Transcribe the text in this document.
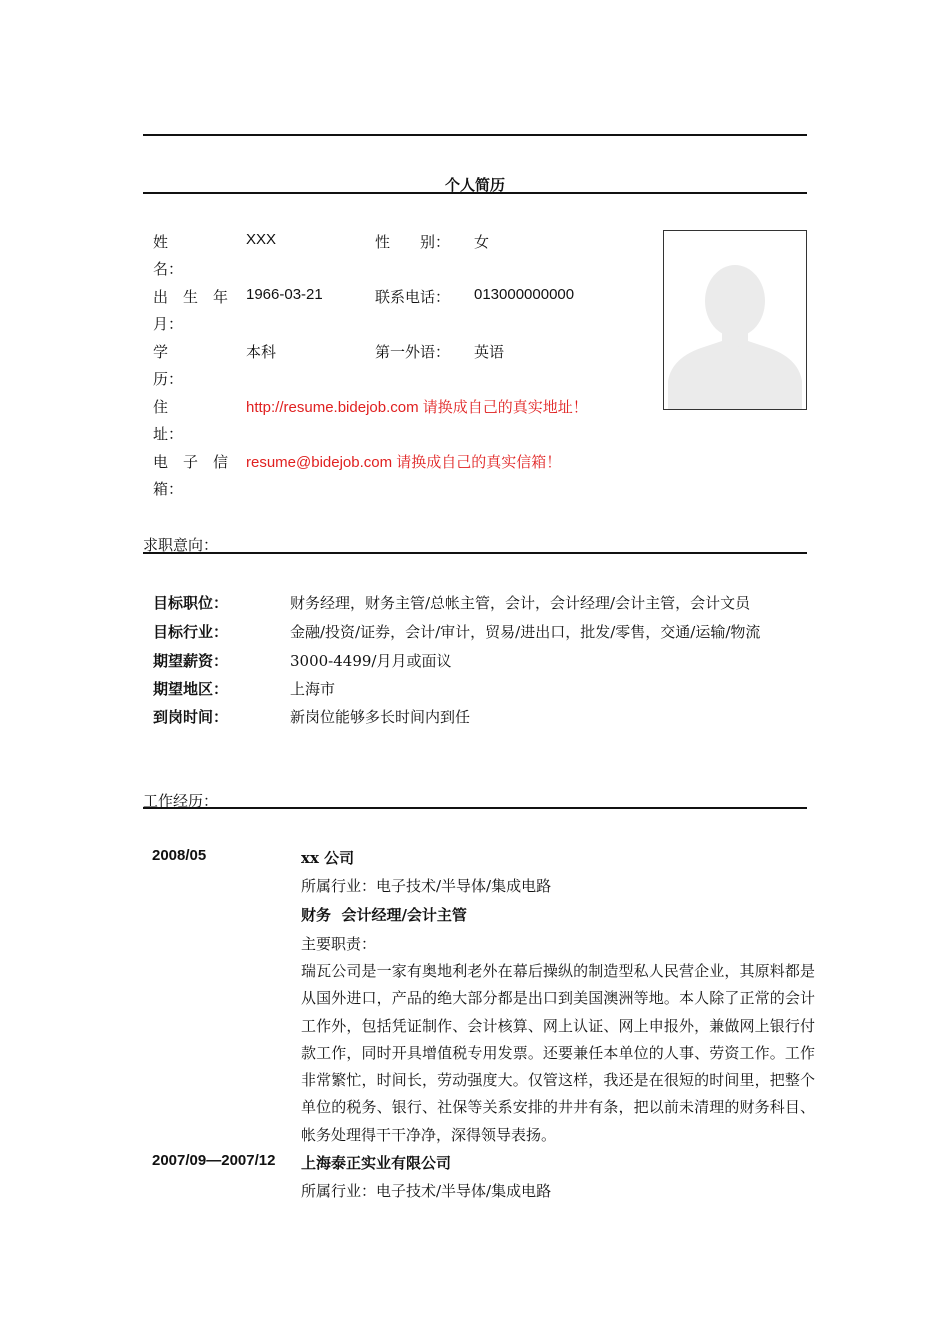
个人简历
姓
名：
XXX	性　　别： 女
出　生　年
月：
1966-03-21	联系电话： 013000000000
学
历：
本科	第一外语： 英语
住
址：
http://resume.bidejob.com 请换成自己的真实地址！
电　子　信
箱：
resume@bidejob.com 请换成自己的真实信箱！
求职意向：
目标职位：	财务经理，财务主管/总帐主管，会计，会计经理/会计主管，会计文员
目标行业：	金融/投资/证券，会计/审计，贸易/进出口，批发/零售，交通/运输/物流
期望薪资：	3000-4499/月月或面议
期望地区：	上海市
到岗时间：	新岗位能够多长时间内到任
工作经历：
2008/05	xx 公司
所属行业：电子技术/半导体/集成电路
财务  会计经理/会计主管
主要职责：
瑞瓦公司是一家有奥地利老外在幕后操纵的制造型私人民营企业，其原料都是从国外进口，产品的绝大部分都是出口到美国澳洲等地。本人除了正常的会计工作外，包括凭证制作、会计核算、网上认证、网上申报外，兼做网上银行付款工作，同时开具增值税专用发票。还要兼任本单位的人事、劳资工作。工作非常繁忙，时间长，劳动强度大。仅管这样，我还是在很短的时间里，把整个单位的税务、银行、社保等关系安排的井井有条，把以前未清理的财务科目、帐务处理得干干净净，深得领导表扬。
2007/09—2007/12 上海泰正实业有限公司
所属行业：电子技术/半导体/集成电路
